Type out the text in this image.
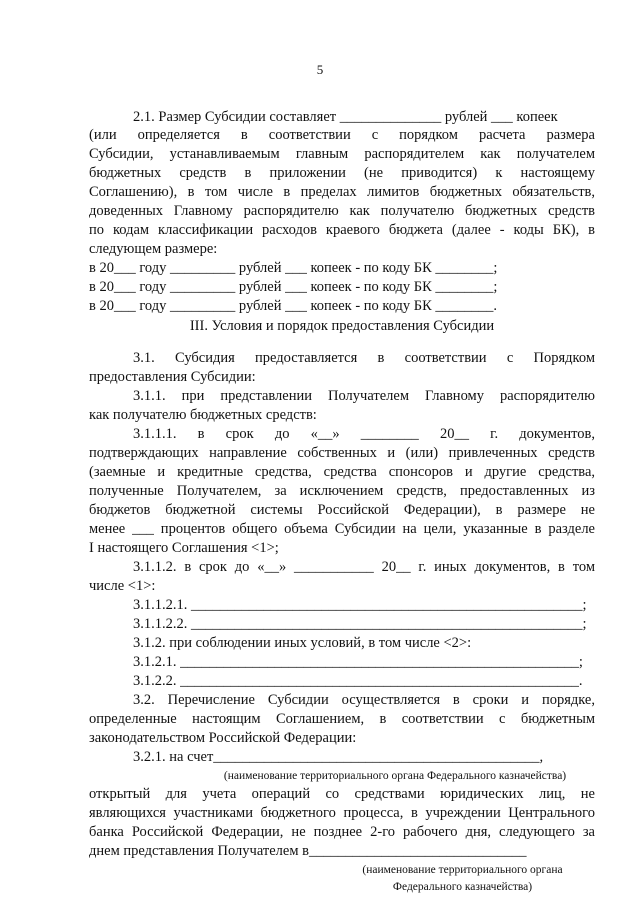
5
2.1. Размер Субсидии составляет ______________ рублей ___ копеек
(или определяется в соответствии с порядком расчета размера
Субсидии, устанавливаемым главным распорядителем как получателем
бюджетных средств в приложении (не приводится) к настоящему
Соглашению), в том числе в пределах лимитов бюджетных обязательств,
доведенных Главному распорядителю как получателю бюджетных средств
по кодам классификации расходов краевого бюджета (далее - коды БК), в
следующем размере:
в 20___ году _________ рублей ___ копеек - по коду БК ________;
в 20___ году _________ рублей ___ копеек - по коду БК ________;
в 20___ году _________ рублей ___ копеек - по коду БК ________.
III. Условия и порядок предоставления Субсидии
3.1. Субсидия предоставляется в соответствии с Порядком
предоставления Субсидии:
3.1.1. при представлении Получателем Главному распорядителю
как получателю бюджетных средств:
3.1.1.1. в срок до «__» ________ 20__ г. документов,
подтверждающих направление собственных и (или) привлеченных средств
(заемные и кредитные средства, средства спонсоров и другие средства,
полученные Получателем, за исключением средств, предоставленных из
бюджетов бюджетной системы Российской Федерации), в размере не
менее ___ процентов общего объема Субсидии на цели, указанные в разделе
I настоящего Соглашения <1>;
3.1.1.2. в срок до «__» ___________ 20__ г. иных документов, в том
числе <1>:
3.1.1.2.1. ______________________________________________________;
3.1.1.2.2. ______________________________________________________;
3.1.2. при соблюдении иных условий, в том числе <2>:
3.1.2.1. _______________________________________________________;
3.1.2.2. _______________________________________________________.
3.2. Перечисление Субсидии осуществляется в сроки и порядке,
определенные настоящим Соглашением, в соответствии с бюджетным
законодательством Российской Федерации:
3.2.1. на счет_____________________________________________,
(наименование территориального органа Федерального казначейства)
открытый для учета операций со средствами юридических лиц, не
являющихся участниками бюджетного процесса, в учреждении Центрального
банка Российской Федерации, не позднее 2-го рабочего дня, следующего за
днем представления Получателем в______________________________
(наименование территориального органа
Федерального казначейства)
